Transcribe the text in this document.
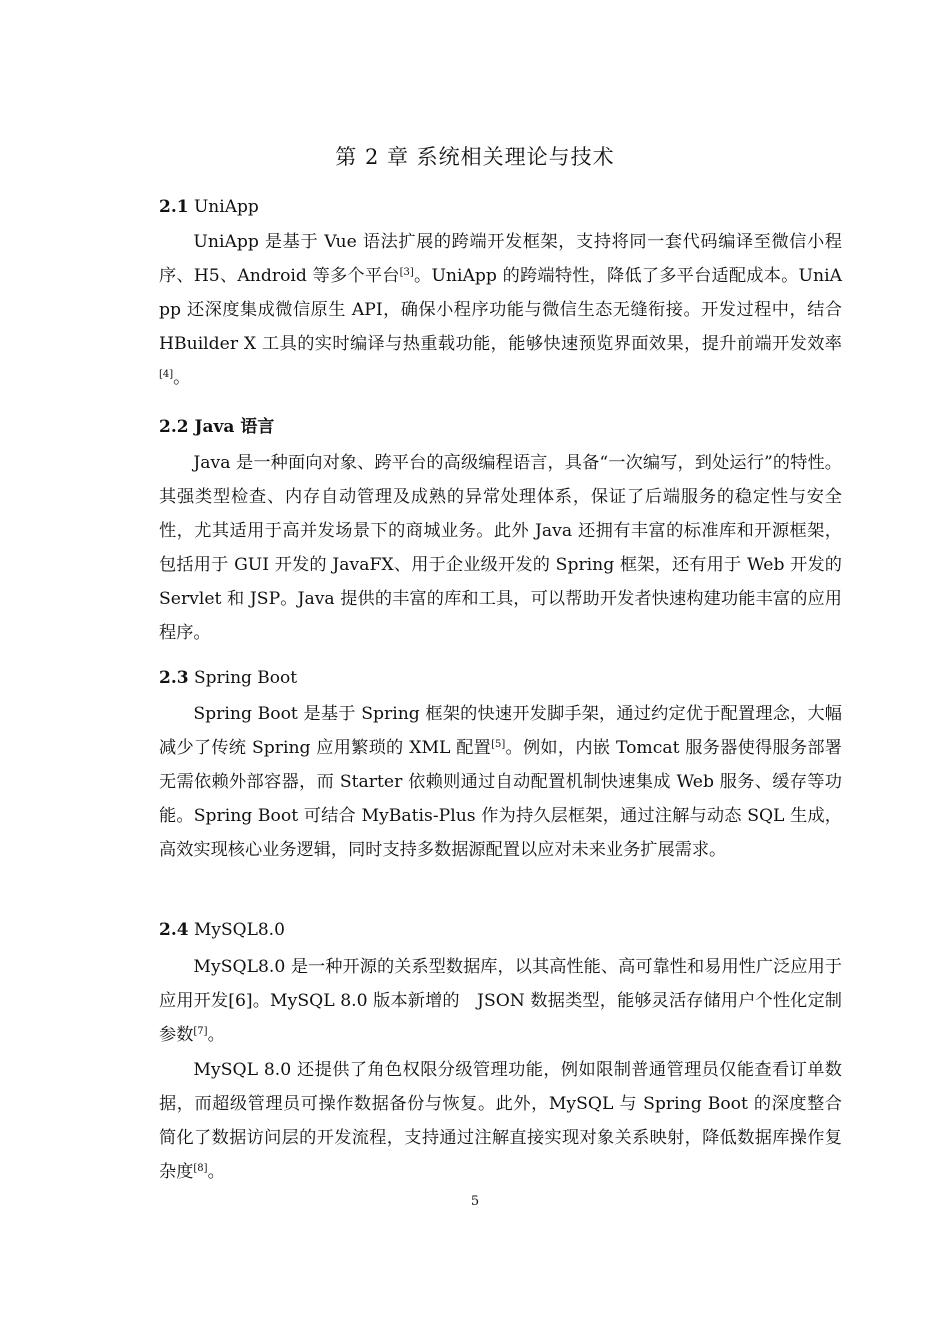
第 2 章 系统相关理论与技术
2.1 UniApp

UniApp 是基于 Vue 语法扩展的跨端开发框架，支持将同一套代码编译至微信小程序、H5、Android 等多个平台[3]。UniApp 的跨端特性，降低了多平台适配成本。UniApp 还深度集成微信原生 API，确保小程序功能与微信生态无缝衔接。开发过程中，结合　HBuilder X 工具的实时编译与热重载功能，能够快速预览界面效果，提升前端开发效率[4]。

2.2 Java 语言

Java 是一种面向对象、跨平台的高级编程语言，具备“一次编写，到处运行”的特性。其强类型检查、内存自动管理及成熟的异常处理体系，保证了后端服务的稳定性与安全性，尤其适用于高并发场景下的商城业务。此外 Java 还拥有丰富的标准库和开源框架，包括用于 GUI 开发的 JavaFX、用于企业级开发的 Spring 框架，还有用于 Web 开发的 Servlet 和 JSP。Java 提供的丰富的库和工具，可以帮助开发者快速构建功能丰富的应用程序。

2.3 Spring Boot

Spring Boot 是基于 Spring 框架的快速开发脚手架，通过约定优于配置理念，大幅减少了传统 Spring 应用繁琐的 XML 配置[5]。例如，内嵌 Tomcat 服务器使得服务部署无需依赖外部容器，而 Starter 依赖则通过自动配置机制快速集成 Web 服务、缓存等功能。Spring Boot 可结合 MyBatis-Plus 作为持久层框架，通过注解与动态 SQL 生成，高效实现核心业务逻辑，同时支持多数据源配置以应对未来业务扩展需求。

2.4 MySQL8.0

MySQL8.0 是一种开源的关系型数据库，以其高性能、高可靠性和易用性广泛应用于应用开发[6]。MySQL 8.0 版本新增的　JSON 数据类型，能够灵活存储用户个性化定制参数[7]。

MySQL 8.0 还提供了角色权限分级管理功能，例如限制普通管理员仅能查看订单数据，而超级管理员可操作数据备份与恢复。此外，MySQL 与 Spring Boot 的深度整合简化了数据访问层的开发流程，支持通过注解直接实现对象关系映射，降低数据库操作复杂度[8]。

5
